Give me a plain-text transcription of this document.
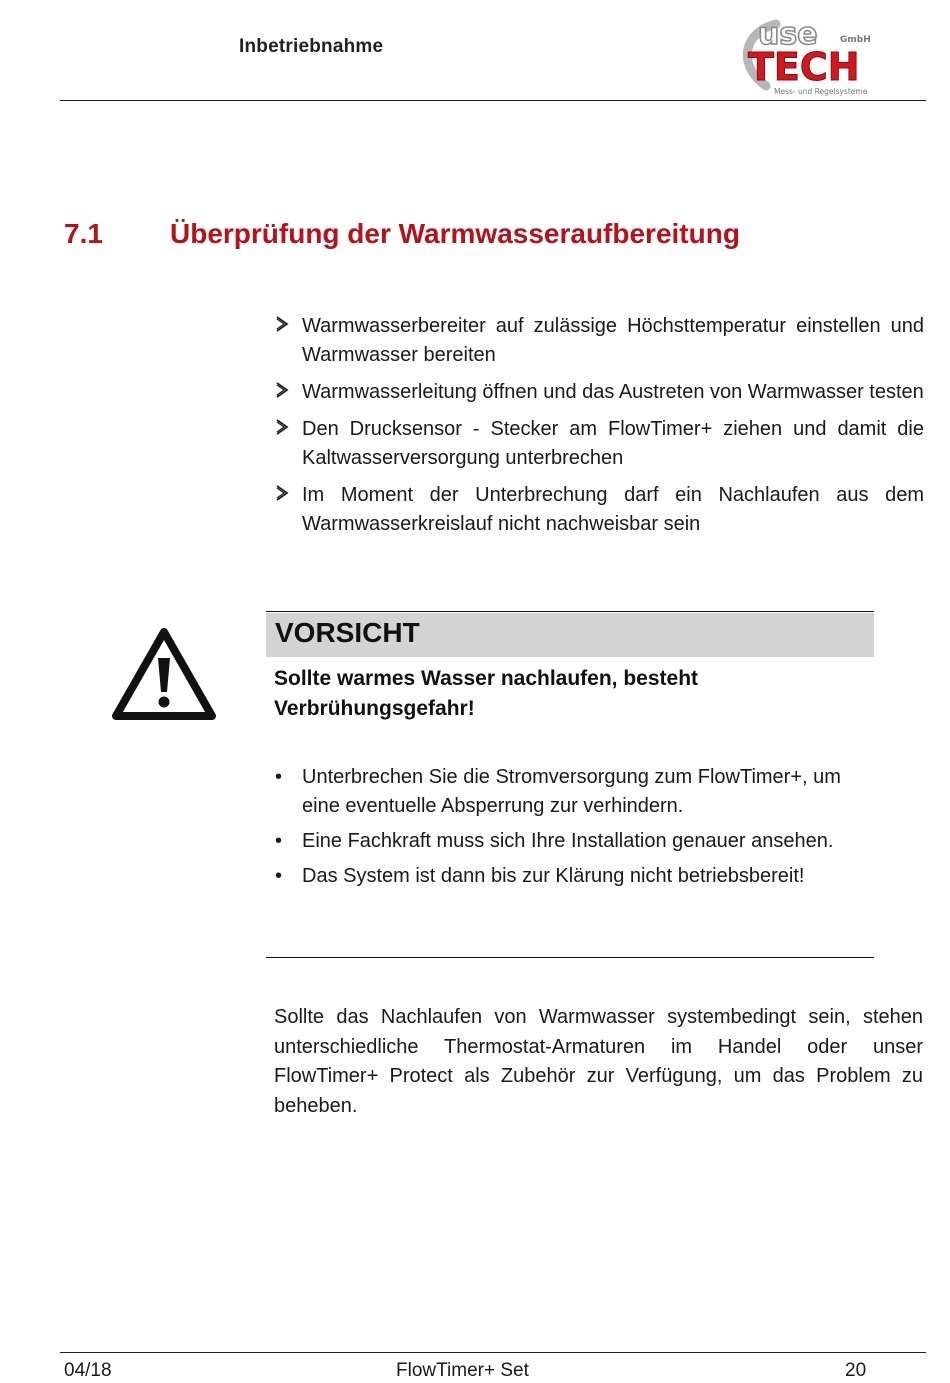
Inbetriebnahme	use GmbH
TECH
Mess- und Regelsysteme
7.1 Überprüfung der Warmwasseraufbereitung
Warmwasserbereiter auf zulässige Höchsttemperatur einstellen und Warmwasser bereiten
Warmwasserleitung öffnen und das Austreten von Warmwasser testen
Den Drucksensor - Stecker am FlowTimer+ ziehen und damit die Kaltwasserversorgung unterbrechen
Im Moment der Unterbrechung darf ein Nachlaufen aus dem Warmwasserkreislauf nicht nachweisbar sein
VORSICHT
Sollte warmes Wasser nachlaufen, besteht Verbrühungsgefahr!
• Unterbrechen Sie die Stromversorgung zum FlowTimer+, um eine eventuelle Absperrung zur verhindern.
• Eine Fachkraft muss sich Ihre Installation genauer ansehen.
• Das System ist dann bis zur Klärung nicht betriebsbereit!
Sollte das Nachlaufen von Warmwasser systembedingt sein, stehen unterschiedliche Thermostat-Armaturen im Handel oder unser FlowTimer+ Protect als Zubehör zur Verfügung, um das Problem zu beheben.
04/18	FlowTimer+ Set	20
